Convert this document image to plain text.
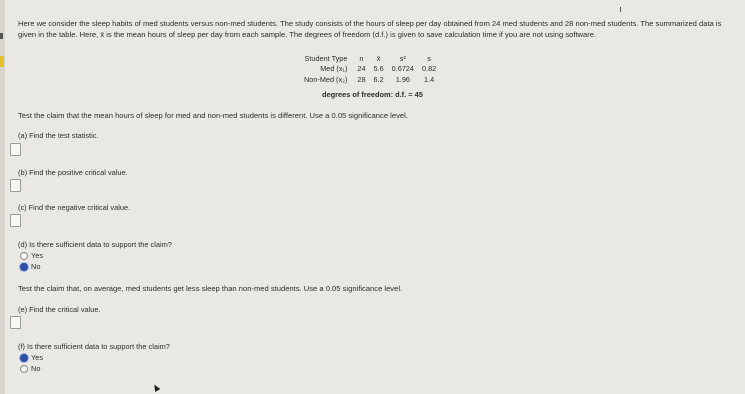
Here we consider the sleep habits of med students versus non-med students. The study consists of the hours of sleep per day obtained from 24 med students and 28 non-med students. The summarized data is given in the table. Here, x̄ is the mean hours of sleep per day from each sample. The degrees of freedom (d.f.) is given to save calculation time if you are not using software.

Student Type	n	x̄	s²	s
Med (x₁)	24	5.6	0.6724	0.82
Non-Med (x₂)	28	6.2	1.96	1.4
degrees of freedom: d.f. = 45

Test the claim that the mean hours of sleep for med and non-med students is different. Use a 0.05 significance level.

(a) Find the test statistic.
(b) Find the positive critical value.
(c) Find the negative critical value.
(d) Is there sufficient data to support the claim?
Yes
No

Test the claim that, on average, med students get less sleep than non-med students. Use a 0.05 significance level.

(e) Find the critical value.
(f) Is there sufficient data to support the claim?
Yes
No
